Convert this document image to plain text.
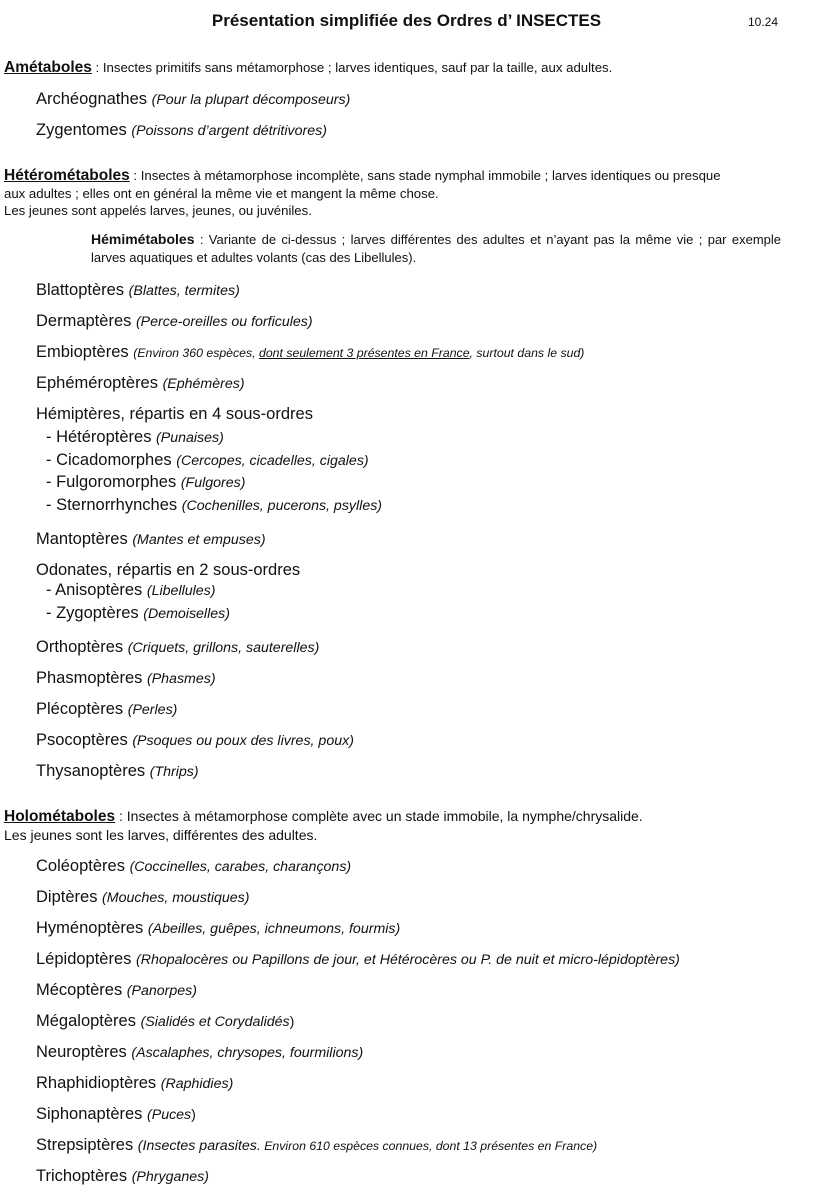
Présentation simplifiée des Ordres d’ INSECTES	10.24
Amétaboles : Insectes primitifs sans métamorphose ; larves identiques, sauf par la taille, aux adultes.
Archéognathes (Pour la plupart décomposeurs)
Zygentomes (Poissons d’argent détritivores)
Hétérométaboles : Insectes à métamorphose incomplète, sans stade nymphal immobile ; larves identiques ou presque
aux adultes ; elles ont en général la même vie et mangent la même chose.
Les jeunes sont appelés larves, jeunes, ou juvéniles.
Hémimétaboles : Variante de ci-dessus ; larves différentes des adultes et n’ayant pas la même vie ; par exemple larves aquatiques et adultes volants (cas des Libellules).
Blattoptères (Blattes, termites)
Dermaptères (Perce-oreilles ou forficules)
Embioptères (Environ 360 espèces, dont seulement 3 présentes en France, surtout dans le sud)
Ephéméroptères (Ephémères)
Hémiptères, répartis en 4 sous-ordres
- Hétéroptères (Punaises)
- Cicadomorphes (Cercopes, cicadelles, cigales)
- Fulgoromorphes (Fulgores)
- Sternorrhynches (Cochenilles, pucerons, psylles)
Mantoptères (Mantes et empuses)
Odonates, répartis en 2 sous-ordres
- Anisoptères (Libellules)
- Zygoptères (Demoiselles)
Orthoptères (Criquets, grillons, sauterelles)
Phasmoptères (Phasmes)
Plécoptères (Perles)
Psocoptères (Psoques ou poux des livres, poux)
Thysanoptères (Thrips)
Holométaboles : Insectes à métamorphose complète avec un stade immobile, la nymphe/chrysalide.
Les jeunes sont les larves, différentes des adultes.
Coléoptères (Coccinelles, carabes, charançons)
Diptères (Mouches, moustiques)
Hyménoptères (Abeilles, guêpes, ichneumons, fourmis)
Lépidoptères (Rhopalocères ou Papillons de jour, et Hétérocères ou P. de nuit et micro-lépidoptères)
Mécoptères (Panorpes)
Mégaloptères (Sialidés et Corydalidés)
Neuroptères (Ascalaphes, chrysopes, fourmilions)
Rhaphidioptères (Raphidies)
Siphonaptères (Puces)
Strepsiptères (Insectes parasites. Environ 610 espèces connues, dont 13 présentes en France)
Trichoptères (Phryganes)
